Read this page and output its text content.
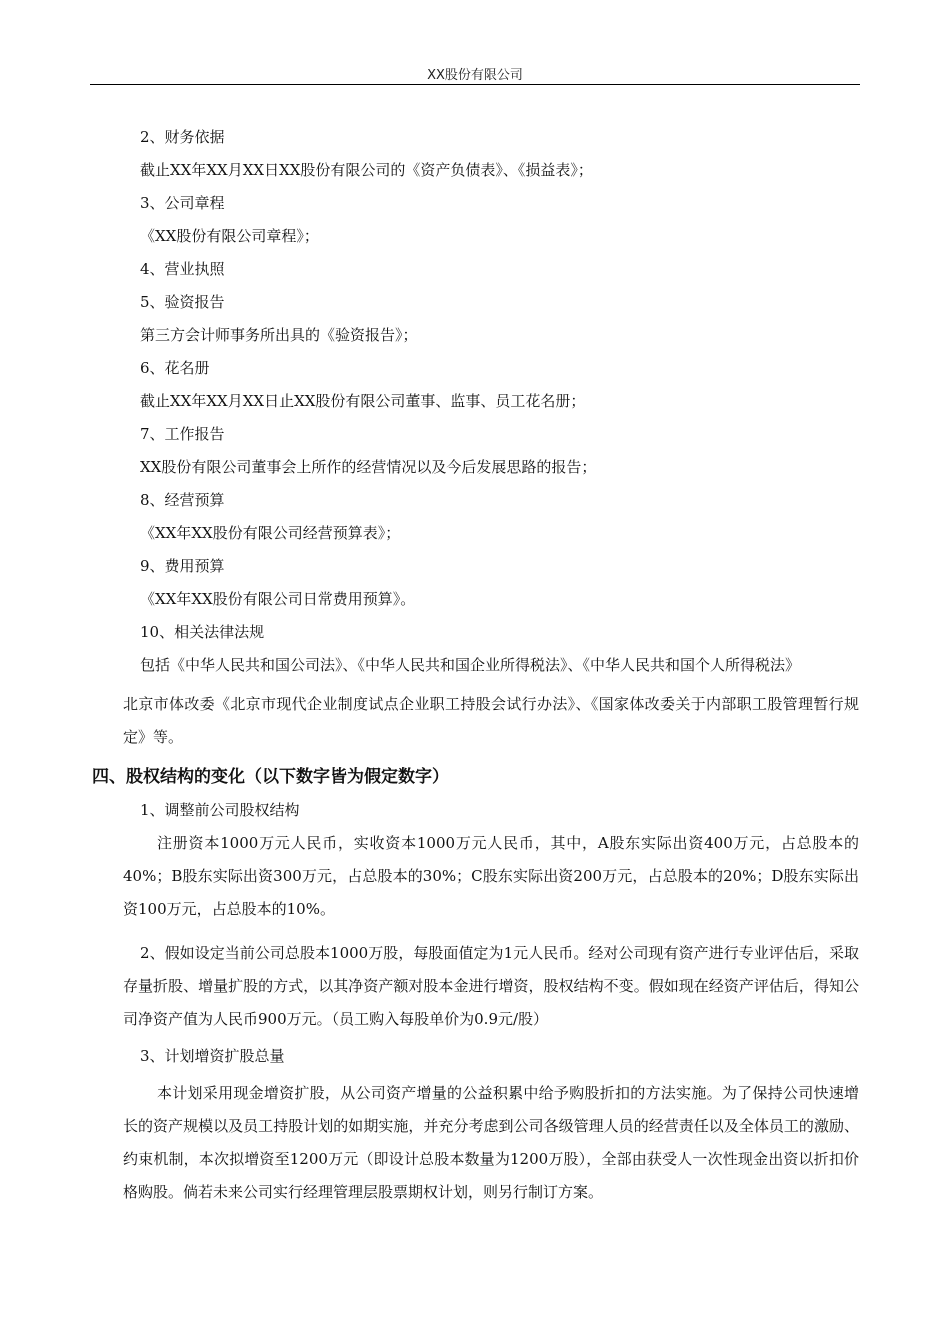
XX股份有限公司
2、财务依据
截止XX年XX月XX日XX股份有限公司的《资产负债表》、《损益表》；
3、公司章程
《XX股份有限公司章程》；
4、营业执照
5、验资报告
第三方会计师事务所出具的《验资报告》；
6、花名册
截止XX年XX月XX日止XX股份有限公司董事、监事、员工花名册；
7、工作报告
XX股份有限公司董事会上所作的经营情况以及今后发展思路的报告；
8、经营预算
《XX年XX股份有限公司经营预算表》；
9、费用预算
《XX年XX股份有限公司日常费用预算》。
10、相关法律法规
包括《中华人民共和国公司法》、《中华人民共和国企业所得税法》、《中华人民共和国个人所得税法》
北京市体改委《北京市现代企业制度试点企业职工持股会试行办法》、《国家体改委关于内部职工股管理暂行规定》等。
四、股权结构的变化（以下数字皆为假定数字）
1、调整前公司股权结构
注册资本1000万元人民币，实收资本1000万元人民币，其中，A股东实际出资400万元，占总股本的40%；B股东实际出资300万元，占总股本的30%；C股东实际出资200万元，占总股本的20%；D股东实际出资100万元，占总股本的10%。
2、假如设定当前公司总股本1000万股，每股面值定为1元人民币。经对公司现有资产进行专业评估后，采取存量折股、增量扩股的方式，以其净资产额对股本金进行增资，股权结构不变。假如现在经资产评估后，得知公司净资产值为人民币900万元。（员工购入每股单价为0.9元/股）
3、计划增资扩股总量
本计划采用现金增资扩股，从公司资产增量的公益积累中给予购股折扣的方法实施。为了保持公司快速增长的资产规模以及员工持股计划的如期实施，并充分考虑到公司各级管理人员的经营责任以及全体员工的激励、约束机制，本次拟增资至1200万元（即设计总股本数量为1200万股），全部由获受人一次性现金出资以折扣价格购股。倘若未来公司实行经理管理层股票期权计划，则另行制订方案。
